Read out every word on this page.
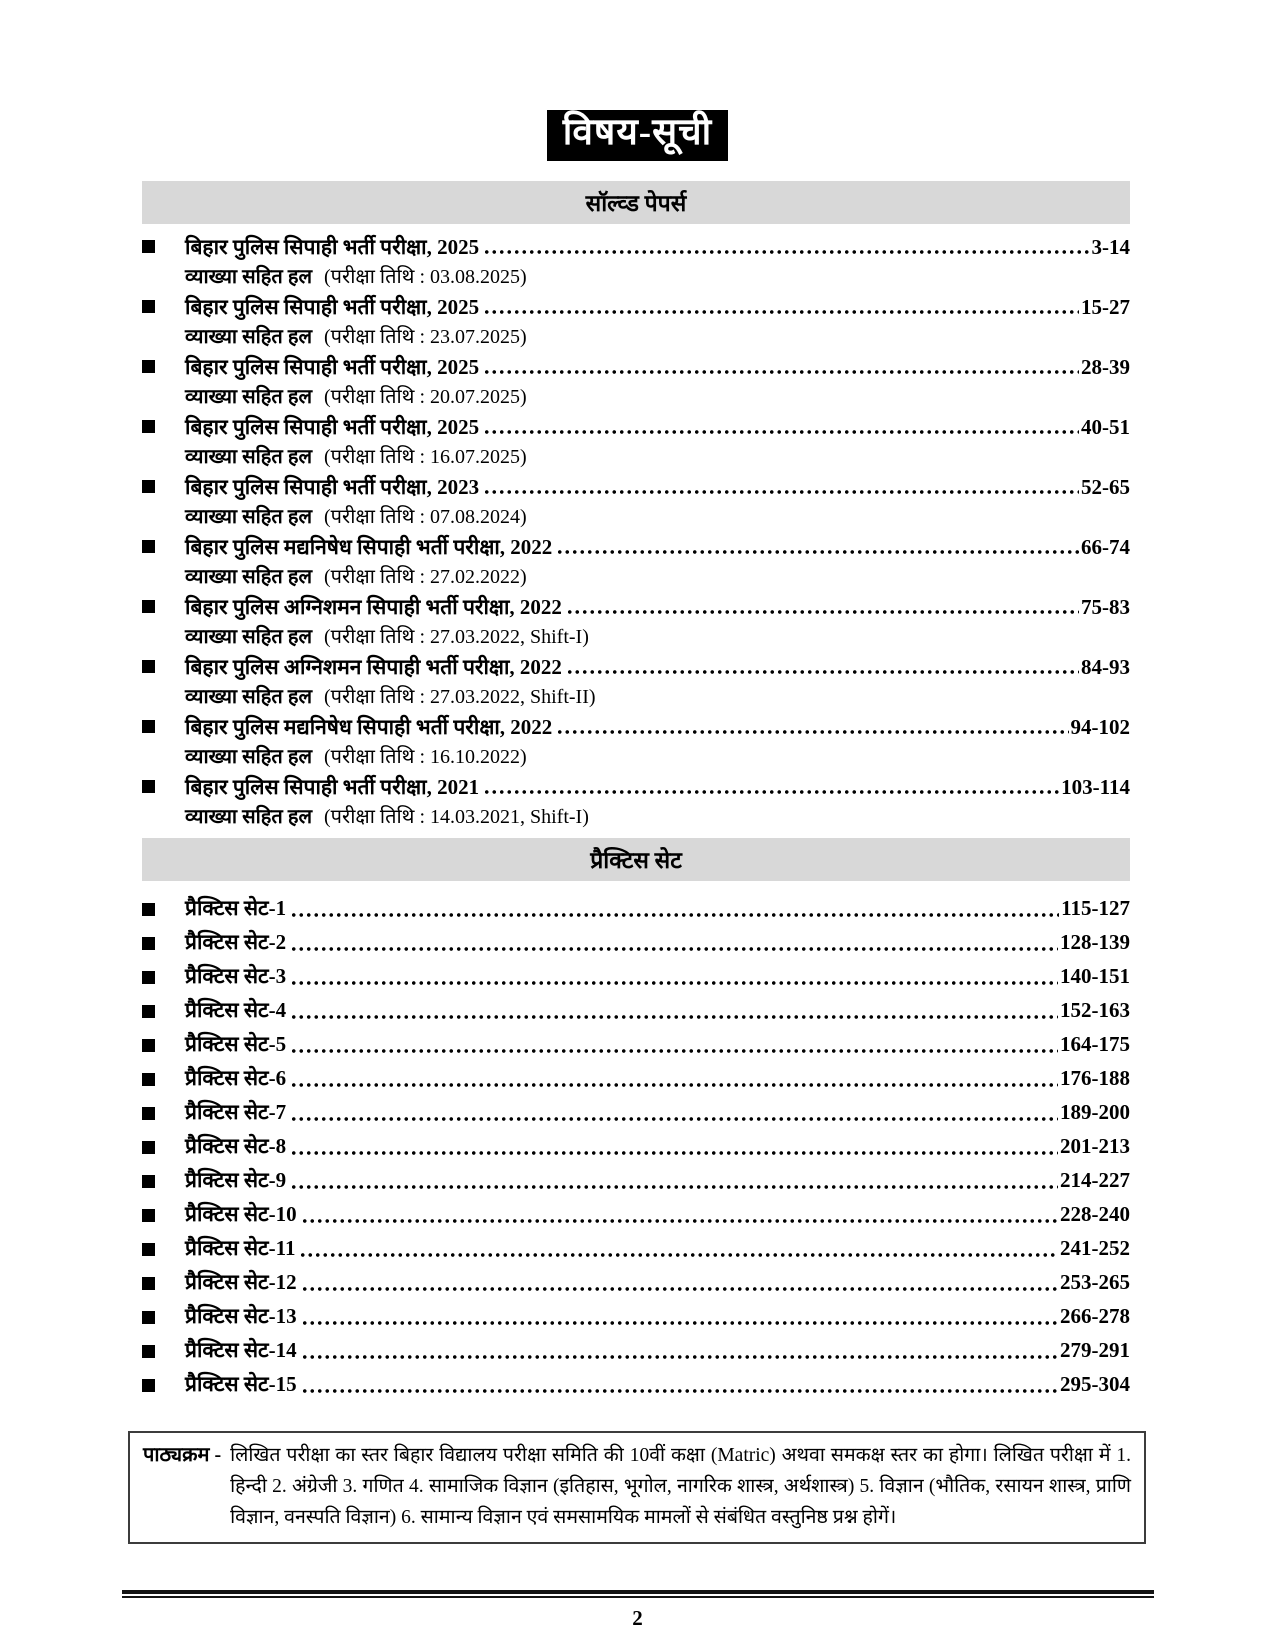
विषय-सूची
सॉल्व्ड पेपर्स
बिहार पुलिस सिपाही भर्ती परीक्षा, 2025	3-14
व्याख्या सहित हल (परीक्षा तिथि : 03.08.2025)
बिहार पुलिस सिपाही भर्ती परीक्षा, 2025	15-27
व्याख्या सहित हल (परीक्षा तिथि : 23.07.2025)
बिहार पुलिस सिपाही भर्ती परीक्षा, 2025	28-39
व्याख्या सहित हल (परीक्षा तिथि : 20.07.2025)
बिहार पुलिस सिपाही भर्ती परीक्षा, 2025	40-51
व्याख्या सहित हल (परीक्षा तिथि : 16.07.2025)
बिहार पुलिस सिपाही भर्ती परीक्षा, 2023	52-65
व्याख्या सहित हल (परीक्षा तिथि : 07.08.2024)
बिहार पुलिस मद्यनिषेध सिपाही भर्ती परीक्षा, 2022	66-74
व्याख्या सहित हल (परीक्षा तिथि : 27.02.2022)
बिहार पुलिस अग्निशमन सिपाही भर्ती परीक्षा, 2022	75-83
व्याख्या सहित हल (परीक्षा तिथि : 27.03.2022, Shift-I)
बिहार पुलिस अग्निशमन सिपाही भर्ती परीक्षा, 2022	84-93
व्याख्या सहित हल (परीक्षा तिथि : 27.03.2022, Shift-II)
बिहार पुलिस मद्यनिषेध सिपाही भर्ती परीक्षा, 2022	94-102
व्याख्या सहित हल (परीक्षा तिथि : 16.10.2022)
बिहार पुलिस सिपाही भर्ती परीक्षा, 2021	103-114
व्याख्या सहित हल (परीक्षा तिथि : 14.03.2021, Shift-I)
प्रैक्टिस सेट
प्रैक्टिस सेट-1	115-127
प्रैक्टिस सेट-2	128-139
प्रैक्टिस सेट-3	140-151
प्रैक्टिस सेट-4	152-163
प्रैक्टिस सेट-5	164-175
प्रैक्टिस सेट-6	176-188
प्रैक्टिस सेट-7	189-200
प्रैक्टिस सेट-8	201-213
प्रैक्टिस सेट-9	214-227
प्रैक्टिस सेट-10	228-240
प्रैक्टिस सेट-11	241-252
प्रैक्टिस सेट-12	253-265
प्रैक्टिस सेट-13	266-278
प्रैक्टिस सेट-14	279-291
प्रैक्टिस सेट-15	295-304
पाठ्यक्रम - लिखित परीक्षा का स्तर बिहार विद्यालय परीक्षा समिति की 10वीं कक्षा (Matric) अथवा समकक्ष स्तर का होगा। लिखित परीक्षा में 1. हिन्दी 2. अंग्रेजी 3. गणित 4. सामाजिक विज्ञान (इतिहास, भूगोल, नागरिक शास्त्र, अर्थशास्त्र) 5. विज्ञान (भौतिक, रसायन शास्त्र, प्राणि विज्ञान, वनस्पति विज्ञान) 6. सामान्य विज्ञान एवं समसामयिक मामलों से संबंधित वस्तुनिष्ठ प्रश्न होगें।
2
